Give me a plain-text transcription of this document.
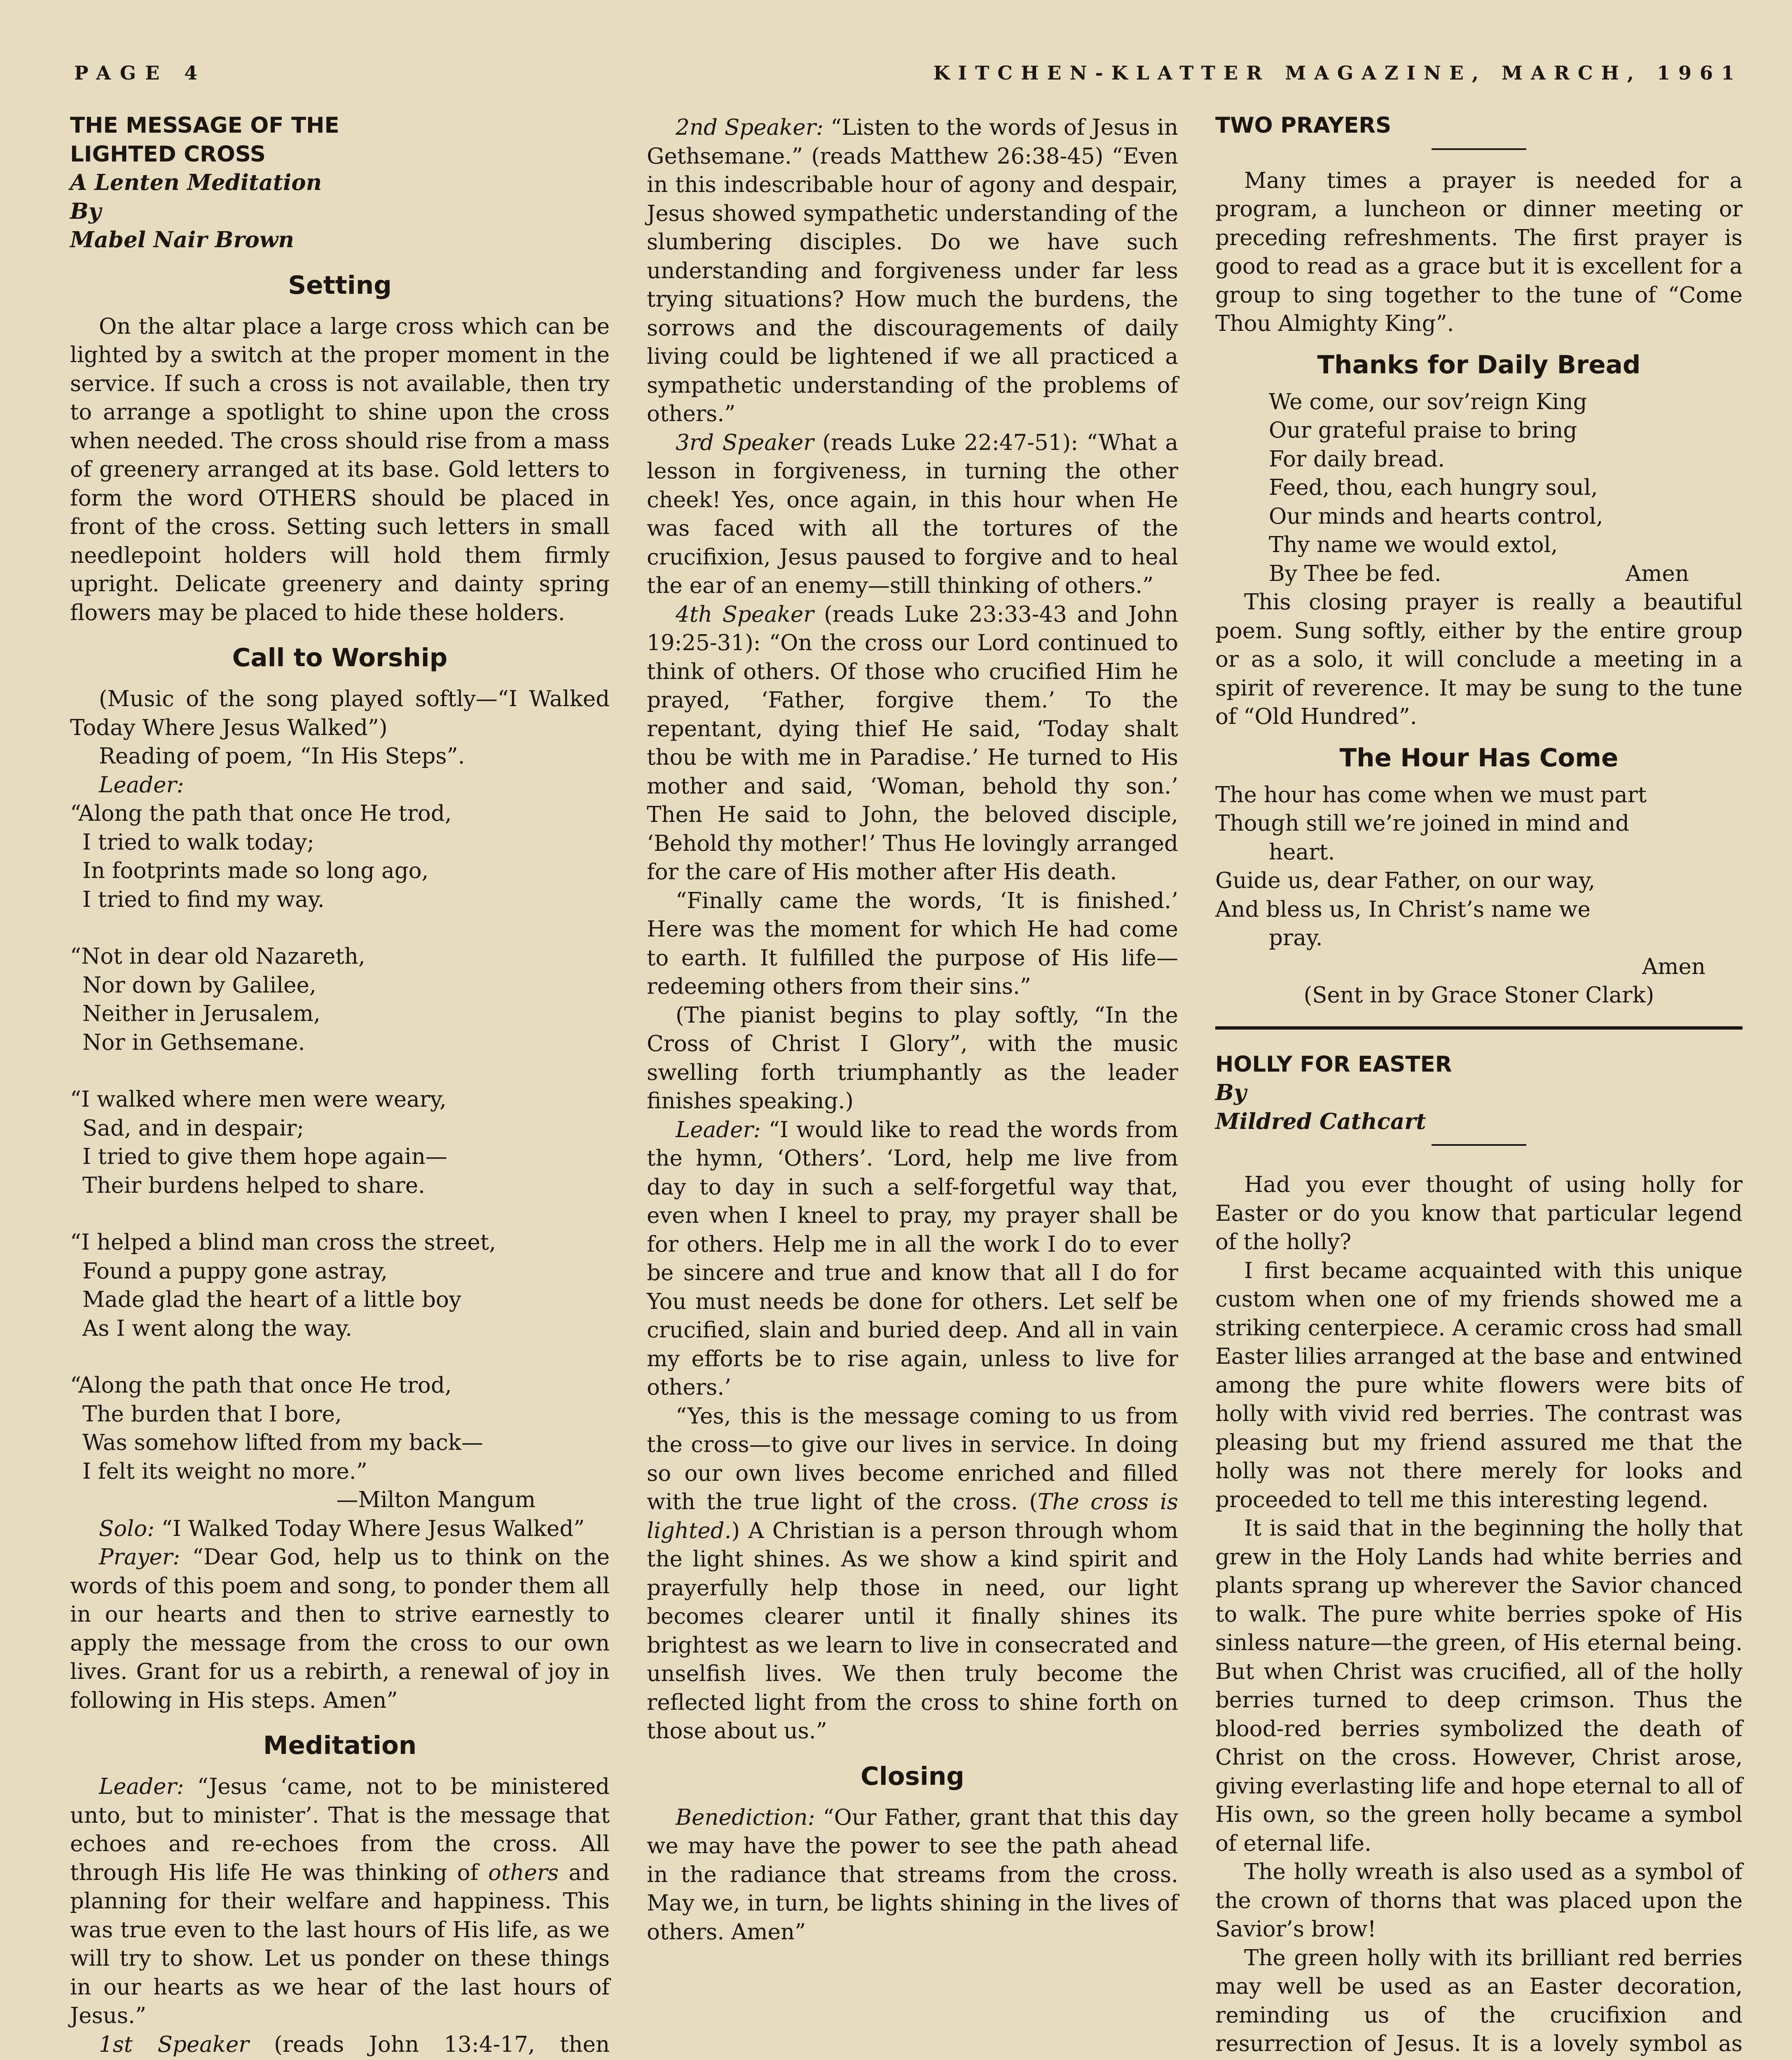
PAGE 4	KITCHEN-KLATTER MAGAZINE, MARCH, 1961

THE MESSAGE OF THE

LIGHTED CROSS

A Lenten Meditation

By

Mabel Nair Brown

Setting

On the altar place a large cross which can be lighted by a switch at the proper moment in the service. If such a cross is not available, then try to arrange a spotlight to shine upon the cross when needed. The cross should rise from a mass of greenery arranged at its base. Gold letters to form the word OTHERS should be placed in front of the cross. Setting such letters in small needlepoint holders will hold them firmly upright. Delicate greenery and dainty spring flowers may be placed to hide these holders.

Call to Worship

(Music of the song played softly—“I Walked Today Where Jesus Walked”)

Reading of poem, “In His Steps”.

Leader:

“Along the path that once He trod,
I tried to walk today;
In footprints made so long ago,
I tried to find my way.
“Not in dear old Nazareth,
Nor down by Galilee,
Neither in Jerusalem,
Nor in Gethsemane.
“I walked where men were weary,
Sad, and in despair;
I tried to give them hope again—
Their burdens helped to share.
“I helped a blind man cross the street,
Found a puppy gone astray,
Made glad the heart of a little boy
As I went along the way.
“Along the path that once He trod,
The burden that I bore,
Was somehow lifted from my back—
I felt its weight no more.”

—Milton Mangum

Solo: “I Walked Today Where Jesus Walked”

Prayer: “Dear God, help us to think on the words of this poem and song, to ponder them all in our hearts and then to strive earnestly to apply the message from the cross to our own lives. Grant for us a rebirth, a renewal of joy in following in His steps. Amen”

Meditation

Leader: “Jesus ‘came, not to be ministered unto, but to minister’. That is the message that echoes and re-echoes from the cross. All through His life He was thinking of others and planning for their welfare and happiness. This was true even to the last hours of His life, as we will try to show. Let us ponder on these things in our hearts as we hear of the last hours of Jesus.”

1st Speaker (reads John 13:4-17, then

2nd Speaker: “Listen to the words of Jesus in Gethsemane.” (reads Matthew 26:38-45) “Even in this indescribable hour of agony and despair, Jesus showed sympathetic understanding of the slumbering disciples. Do we have such understanding and forgiveness under far less trying situations? How much the burdens, the sorrows and the discouragements of daily living could be lightened if we all practiced a sympathetic understanding of the problems of others.”

3rd Speaker (reads Luke 22:47-51): “What a lesson in forgiveness, in turning the other cheek! Yes, once again, in this hour when He was faced with all the tortures of the crucifixion, Jesus paused to forgive and to heal the ear of an enemy—still thinking of others.”

4th Speaker (reads Luke 23:33-43 and John 19:25-31): “On the cross our Lord continued to think of others. Of those who crucified Him he prayed, ‘Father, forgive them.’ To the repentant, dying thief He said, ‘Today shalt thou be with me in Paradise.’ He turned to His mother and said, ‘Woman, behold thy son.’ Then He said to John, the beloved disciple, ‘Behold thy mother!’ Thus He lovingly arranged for the care of His mother after His death.

“Finally came the words, ‘It is finished.’ Here was the moment for which He had come to earth. It fulfilled the purpose of His life—redeeming others from their sins.”

(The pianist begins to play softly, “In the Cross of Christ I Glory”, with the music swelling forth triumphantly as the leader finishes speaking.)

Leader: “I would like to read the words from the hymn, ‘Others’. ‘Lord, help me live from day to day in such a self-forgetful way that, even when I kneel to pray, my prayer shall be for others. Help me in all the work I do to ever be sincere and true and know that all I do for You must needs be done for others. Let self be crucified, slain and buried deep. And all in vain my efforts be to rise again, unless to live for others.’

“Yes, this is the message coming to us from the cross—to give our lives in service. In doing so our own lives become enriched and filled with the true light of the cross. (The cross is lighted.) A Christian is a person through whom the light shines. As we show a kind spirit and prayerfully help those in need, our light becomes clearer until it finally shines its brightest as we learn to live in consecrated and unselfish lives. We then truly become the reflected light from the cross to shine forth on those about us.”

Closing

Benediction: “Our Father, grant that this day we may have the power to see the path ahead in the radiance that streams from the cross. May we, in turn, be lights shining in the lives of others. Amen”

TWO PRAYERS

Many times a prayer is needed for a program, a luncheon or dinner meeting or preceding refreshments. The first prayer is good to read as a grace but it is excellent for a group to sing together to the tune of “Come Thou Almighty King”.

Thanks for Daily Bread
We come, our sov’reign King
Our grateful praise to bring
For daily bread.
Feed, thou, each hungry soul,
Our minds and hearts control,
Thy name we would extol,
By Thee be fed.	Amen

This closing prayer is really a beautiful poem. Sung softly, either by the entire group or as a solo, it will conclude a meeting in a spirit of reverence. It may be sung to the tune of “Old Hundred”.

The Hour Has Come
The hour has come when we must part
Though still we’re joined in mind and
heart.
Guide us, dear Father, on our way,
And bless us, In Christ’s name we
pray.
Amen

(Sent in by Grace Stoner Clark)

HOLLY FOR EASTER

By

Mildred Cathcart

Had you ever thought of using holly for Easter or do you know that particular legend of the holly?

I first became acquainted with this unique custom when one of my friends showed me a striking centerpiece. A ceramic cross had small Easter lilies arranged at the base and entwined among the pure white flowers were bits of holly with vivid red berries. The contrast was pleasing but my friend assured me that the holly was not there merely for looks and proceeded to tell me this interesting legend.

It is said that in the beginning the holly that grew in the Holy Lands had white berries and plants sprang up wherever the Savior chanced to walk. The pure white berries spoke of His sinless nature—the green, of His eternal being. But when Christ was crucified, all of the holly berries turned to deep crimson. Thus the blood-red berries symbolized the death of Christ on the cross. However, Christ arose, giving everlasting life and hope eternal to all of His own, so the green holly became a symbol of eternal life.

The holly wreath is also used as a symbol of the crown of thorns that was placed upon the Savior’s brow!

The green holly with its brilliant red berries may well be used as an Easter decoration, reminding us of the crucifixion and resurrection of Jesus. It is a lovely symbol as
